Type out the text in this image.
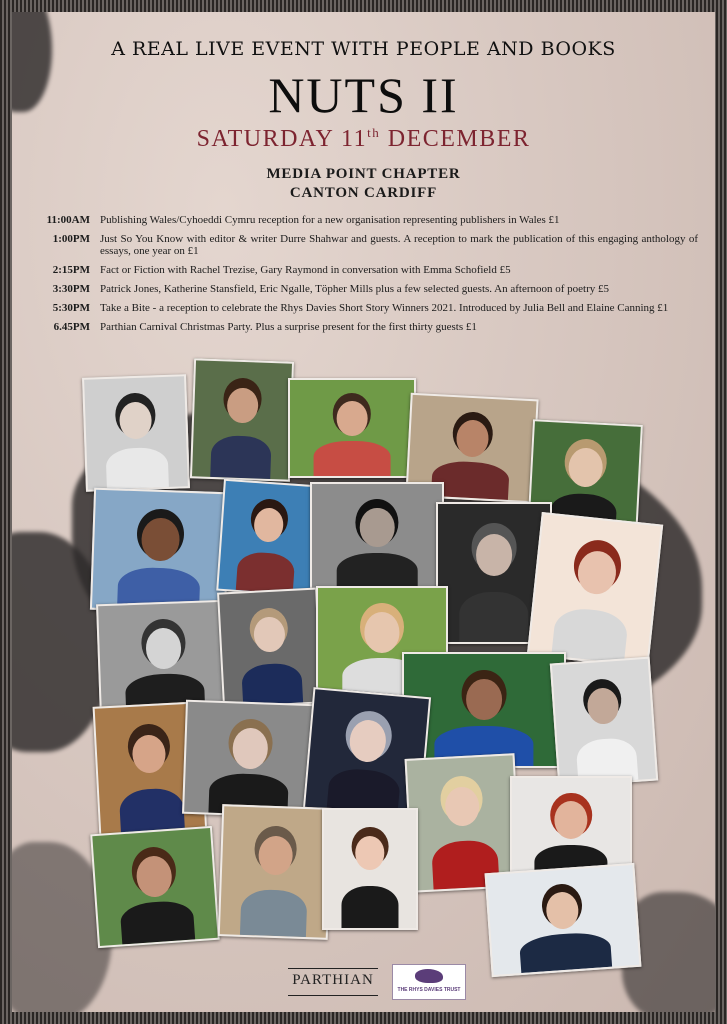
A REAL LIVE EVENT WITH PEOPLE AND BOOKS
NUTS II
SATURDAY 11th DECEMBER
MEDIA POINT CHAPTER
CANTON CARDIFF
11:00AM Publishing Wales/Cyhoeddi Cymru reception for a new organisation representing publishers in Wales £1
1:00PM Just So You Know with editor & writer Durre Shahwar and guests. A reception to mark the publication of this engaging anthology of essays, one year on £1
2:15PM Fact or Fiction with Rachel Trezise, Gary Raymond in conversation with Emma Schofield £5
3:30PM Patrick Jones, Katherine Stansfield, Eric Ngalle, Töpher Mills plus a few selected guests. An afternoon of poetry £5
5:30PM Take a Bite - a reception to celebrate the Rhys Davies Short Story Winners 2021. Introduced by Julia Bell and Elaine Canning £1
6.45PM Parthian Carnival Christmas Party. Plus a surprise present for the first thirty guests £1
PARTHIAN
THE RHYS DAVIES TRUST
